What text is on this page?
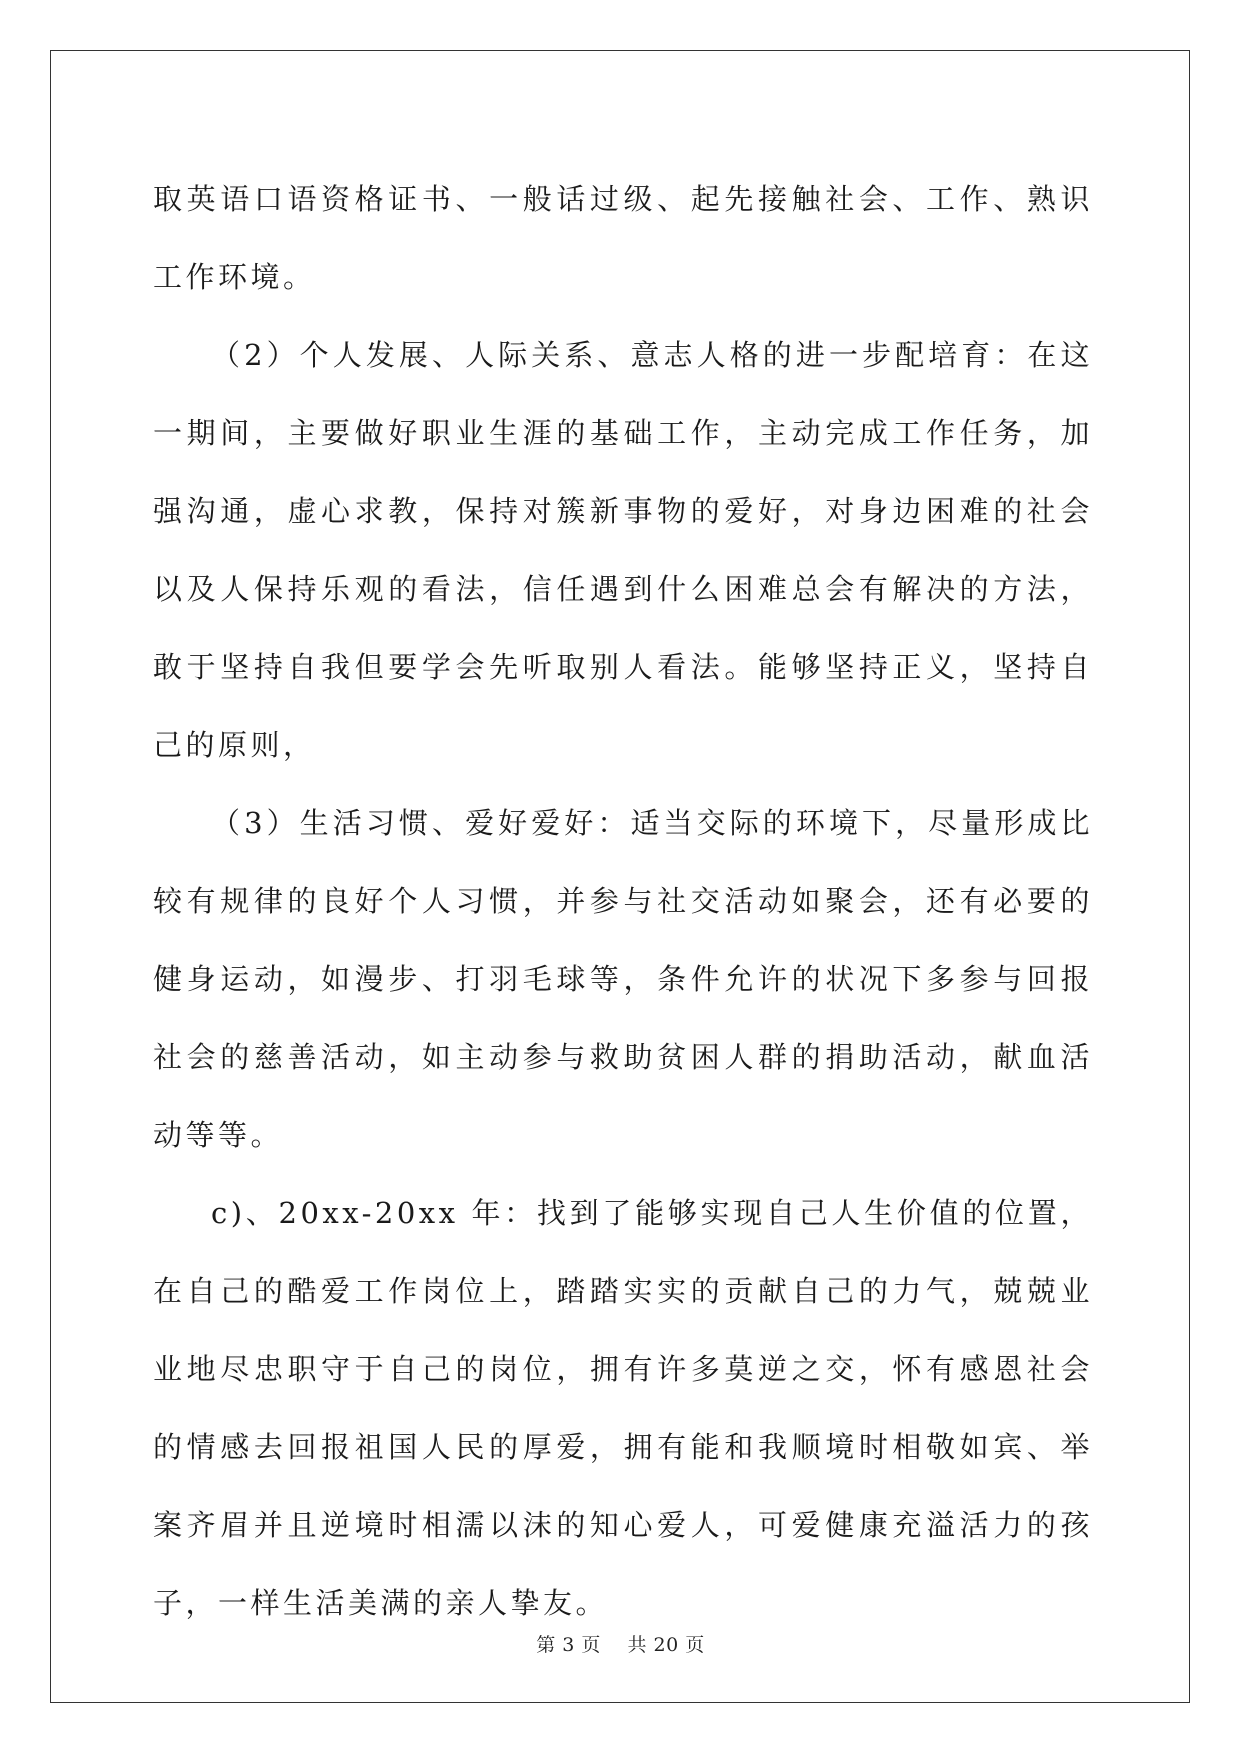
取英语口语资格证书、一般话过级、起先接触社会、工作、熟识工作环境。

（2）个人发展、人际关系、意志人格的进一步配培育：在这一期间，主要做好职业生涯的基础工作，主动完成工作任务，加强沟通，虚心求教，保持对簇新事物的爱好，对身边困难的社会以及人保持乐观的看法，信任遇到什么困难总会有解决的方法，敢于坚持自我但要学会先听取别人看法。能够坚持正义，坚持自己的原则，

（3）生活习惯、爱好爱好：适当交际的环境下，尽量形成比较有规律的良好个人习惯，并参与社交活动如聚会，还有必要的健身运动，如漫步、打羽毛球等，条件允许的状况下多参与回报社会的慈善活动，如主动参与救助贫困人群的捐助活动，献血活动等等。

c)、20xx-20xx 年：找到了能够实现自己人生价值的位置，在自己的酷爱工作岗位上，踏踏实实的贡献自己的力气，兢兢业业地尽忠职守于自己的岗位，拥有许多莫逆之交，怀有感恩社会的情感去回报祖国人民的厚爱，拥有能和我顺境时相敬如宾、举案齐眉并且逆境时相濡以沫的知心爱人，可爱健康充溢活力的孩子，一样生活美满的亲人挚友。

第 3 页 共 20 页
